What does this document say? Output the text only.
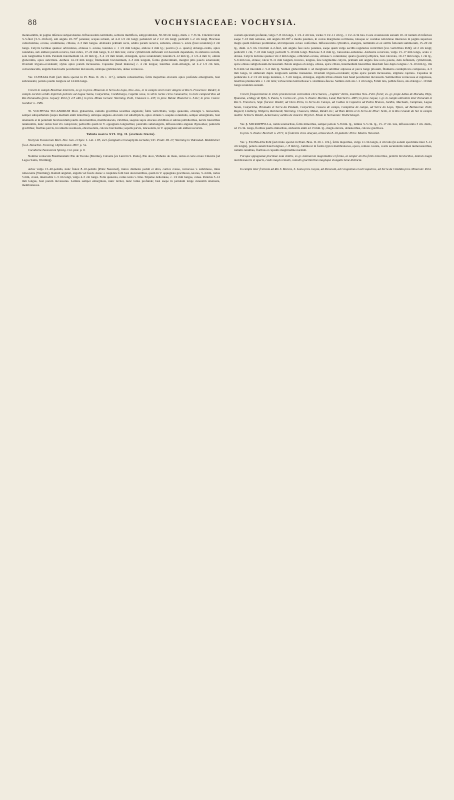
88	VOCHYSIACEAE: VOCHYSIA.

monnoanthis, in pagina inferiore subpersistente. Inflorescentia terminalis, solitaria multiflora, subpyramidata, 30–90 cm longa, diam. c. 7–8 cm. Cincinni valde 3–5-flori (3–5–10-flori), sub angulo 45–70° patentes; scapus robusti, ad 4–6 1/2 cm longi; pedunculi ad 2 1/2 cm longi; pedicelli 1–2 cm longi. Bracteae caducissimae, ovatae, acuminatae, ciliatae, 2–3 mm longae. Alabastra primum recta, adulta parum recurva, subulata, obtusa v. acuta (basi rotundata) 2 cm longa. Calycis laciniae quatuor orbiculares, obtusae v. acutae, laterales c. 1 1/2 mm longae, anticae 2 mm lg.; postica (i. e. quarta) oblongo-ovalis, apice rotundata, sub anthesi parum recurva, basi rubra, 17–22 mm longa, 9–12 mm lata; calcar cylindricum deflexum vel deorsum dependens, in alabastro rectum, sola longitudine 6 mm. Petalum intermedium 14–16 mm lg., 3–4 1/2 mm latum, oblongum, apice rotundatum; lateralia 9–12 mm lg., 2 1/2–4 mm lt.; omnia glaberrima, apice subciliata. Anthera 14–19 mm longa; filamentum brevissimum, 2–3 mm longum, forma glaberrimum, margini pilis paucis adornatum; Ovarium trigono-ovoideum; stylus apice parum incrassatus. Capsulae (haud maturae) c. 4 cm longae; lateribus ovali-oblongis, ad 2–2 1/2 cm latis, convexiusculis, angulis haud nodis peculiariter incrassatis, utrinque glabriuscula, dense verrucosa.

Var. CUNEATA Pohl (sub titulo speciei in Pl. Bras. II. 26. t. 117.), ramulis robustioribus, foliis majoribus obovatis apice profunde emarginatis, basi subcuneatis; petiolo paullo longiore ad 14 mm longo.

Crescit in campis Brasiliae interioris, ex gr. in prov. Minarum et Serra do Lopo, Nov.-Jan., et in campis siccis inter Alegres et Rio S. Francisco: Riedel; in campis excelsis aridis imprimis petrosis ad Lagoa Santa, Caiçarinha, Cordisburgo, Capella nova, in silvis rarius circa Canavarhe, in locis campestribus ad Rio Paranaíba (prov. Goyaz): Pohl (1 2/3 altit.) in prov. Minas Geraes: Warming, Pohl, Claussen n. 433; in prov. Bahia: Blanchet n. 3411; in prov. Ceara: Gardner n. 1586.

35. VOCHYSIA TUCANORUM Mart. glaberrima, ramulis gracilibus teretibus angulatis; foliis verticillatis, vulgo quaternis, oblongis v. lanceolatis, semper subspathulatis (supra medium enim latioribus), utrinque angusto-obovatis vel subellipticis, apice obtusis v. saepius rotundatis, semper emarginatis, basi attenuatis et in petiolum breviusculum paullo decurrentibus, membranaceis, viridibus, saepius supra obscure-viridibus et subtus pallidioribus, nervis lateralibus tenuissimis, nunc rarius basi vix conspicuis; pedicellis quam in V. oppugnata longioribus; paniculis subelongatis, inflorescentia anguste thyrsoidea; paniculis gracilibus; floribus parvis, in ramulis racemosis, ebracteolatis, calcare brevissimo; sepalis parvis, lanceolatis, in V. oppugnata sub anthesi recurvis.

Tabula nostra XVI. Fig. II. (exclusis fructu).

Vochysia Tucanorum Mart. Nov. Gen. et Spec. I. 142. t. 85, excl. fastigiatis et hexaphylla excludes; DC. Prodr. III. 27; Warming in Videnskab. Meddelelser fra d. Naturhist. Forening i Kjöbenhavn 1867. p. 54.

Cucullaria Tucanorum Spreng. Cur. post. p. 9.

Nomina vernacula Brasiliensium: Pão de Tucano (Martius), Caixetta (ex Lund in S. Paulo), Pão doce, Vinheiro do mato, rarius et certe errore Cinzeira (ad Lagoa Santa, Warming).

Arbor vulgo 15–40-pedalis, nunc frutex 8–10-pedalis (Prinz Neuwied), trunco diametro pedali et ultra, cortice crasso, verrucoso v. subrimoso, intus rubescente (Warming). Ramuli angulati, angulis vel fuscis donec a cuspidate folii basi decurrentibus, quam in V. oppugnata graciliores, teretes, 3–4 mm, rarius 5 mm, crassi, internodiis 1–3 cm longi, vulgo 4–5 cm longa. Folia quaterna, rarius terna v. bina. Stipulae deltoideae, c. 1/2 mm longae, canae. Petiolus 3–12 mm longus, basi parum incrassatus. Lamina semper emarginata, nunc leviter, nunc latius profunde; basi saepe in petiolum longe cuneatim attenuata, membranacea.

costam epicatam profunde, vulgo 7–8 cm longa, 1 1/2–2 cm lata, varius 3 1/2–11 cm lg., 1 1/2–4 cm lata. Costa crassiuscula sursum 10–12 tantum ab inferiore saepe 7–10 mm remotae, sub angulo 60–80° a media patentes, in costas marginales reclinatae, ideoque ac costulae reticulatae interiores in pagina superiore magis quam inferiore prominulae, ubi impressis colore conformes. Inflorescentia cylindrica, elongata, terminalis et ex axillis foliorum summorum, 15–20 cm lg., diam. 4–5 cm. Cincinni 4–2-flori, sub angulo fere recto patentes, saepe quam vulgo sectilis regularius verticillati (var. verticillata Pohl); ad 2 cm longi; pedicelli 1 cm, 7–10 mm longi; pedicelli 5–10 mm longi. Bracteae 3–6 mm lg., lanceolato-subulatae. Alabastra recurvata, vulgo 15–17 mm longa, acuta v. obtusa. Calycis laciniae quatuor vix 2 mm longae, orbiculari-ovatae, obtusae v. rotundatae; quarta (postica) elliptica, basi calcarata, 10–17 mm longa, 1 cm lg., 5–6 mm lata, obtusa; calcar 8–11 mm longum, incurvo, longius, fere longitudine calycis, primum sub angulo fere recto patens, dein deflexum, cylindricum, apice obtuso subglobosum-incrassatum. Petala ungues ob-longa, obtusa, apice ciliata, intermedium lateralibus interdum fere duplo longius c. 9–10 mm lg., illa 8–9 mm vel interdum c. 5–6 mm lg. Stamen glaberrimum v. ad marginem subtiliter adpresse et parce longe pilosum, filamento conduplicato compresso, 4–5 mm longo, in antheram duplo longiorem semine transeunte. Ovarium trigono-ovoideum; stylus apice parum incrassatus, stigmate capitato. Capsulae in pedunculo 2–2 1/2 cm longo nutantes, c. 3 cm longae, oblongae, angulis tribus obtusis basi haud peculiariter incrassatis. Semineribus verrucosae et rugulosae, lateribus planiusculis c. 1 cm latis; valvae intus lenticellosae v. straminea-fuscae. Semina cum ala c. 2 cm longa, 8 mm lata, pallide fusca, ala oblonga c. 10 mm longa rotundata sursum.

Crescit frequentissime in silvis provinciarum centralium circa Sarum, „Capões" dictis, montibus Nov.–Febr. floret; ex. gr. prope Aldea de Morada, Hoje, Ypanema, a Mogy de Ypês, S. Paulo, S. Carlos etc., prov. S. Paulo: Martius, Lund, Burchell n. 4805; in prov. Goyaz, r. gr. in campis altissimis inter Paracatú et Rio S. Francisco, Sept. floruns: Riedel; ad Ouro Preto, in Serra do Caraça, ad Caldas in Capoeira ad Pedra Branca, Jardim, Machado, Campinas, Lagoa Santa, Caiçarinha, Brumado et Serra da Piedade, Caiçarinha, Casaca de campo, Campinha de campo, ad Serra do Lopo, Tijuco, ad Barbacena: Pohl, Regnell, Lindberg, Widgren, Reinhardt, Warming, Claussen, Mikan, Riedel etc.; ad Bom Retiro et in Serra de Pilar: Sello, et in Rio Grande do Sul in campis mediis: Schlech. Riedel, Ackermann; ad Rio de Janeiro: Heyrich. Etiam in Surinamia: Wullschlaegel.

Var. β. MICROPHYLLA, ramis teretioribus, foliis minoribus, semper petiolo 5–8 mm. lg., lamina 3–5 cm. lg., 15–17 cm. lata, inflorescentia 3 cm. diam., ad 15 cm. longa, floribus paullo minoribus, alabastris enim ad 13 mm. lg., magis elevata, obtusioribus, calcare graciliore.

In prov. S. Paulo: Burchell n. 4571; in fruticetis circa Araçuaí, arbuscula 8–10-pedalis: Princ. Maxim. Neuwied.

Var. γ. ELONGATA Pohl (sub titulo speciei in Plant. Bras. II. 29. t. 119.), foliis majoribus, vulgo 11 cm longis, 4 cm latis (in eodem specimine inter 5–12 cm longis), petiolo autem haud longiore, c. 8 mm lg., lamina ut in forma typica membranacea, opaca, remote costata, costis secundariis tamen numerosioribus, ramulis tenuibus, floribus et capsulis magnitudine normali.

Forsque oppugnatae plurimae nota similis, ex gr. laminarum magnitudine et forma, at semper ab illa foliis minoribus, petiolis brevioribus, laminis magis membranaceis et opacis, costis magis remotis, ramulis gracilioribus magisque elongatis bene distincta.

In campis inter fruticeta ad Rio S. Marcos, S. Luzia prov. Goyaz, ad Paracatú, ad Congonhas et ad Caqueiras, ad Serra da Cândida prov. Minarum: Pohl.
